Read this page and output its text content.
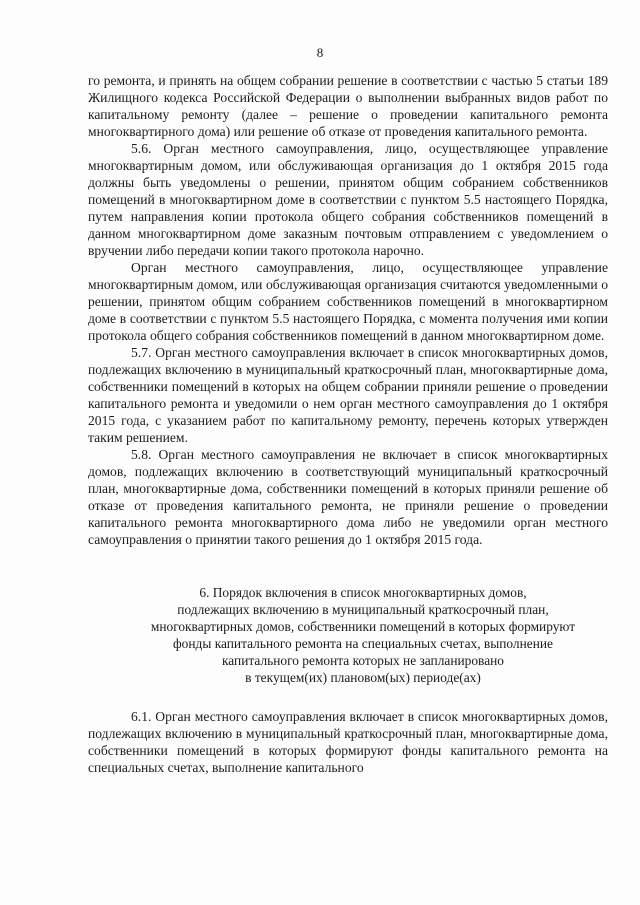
8

го ремонта, и принять на общем собрании решение в соответствии с частью 5 статьи 189 Жилищного кодекса Российской Федерации о выполнении выбранных видов работ по капитальному ремонту (далее – решение о проведении капитального ремонта многоквартирного дома) или решение об отказе от проведения капитального ремонта.

5.6. Орган местного самоуправления, лицо, осуществляющее управление многоквартирным домом, или обслуживающая организация до 1 октября 2015 года должны быть уведомлены о решении, принятом общим собранием собственников помещений в многоквартирном доме в соответствии с пунктом 5.5 настоящего Порядка, путем направления копии протокола общего собрания собственников помещений в данном многоквартирном доме заказным почтовым отправлением с уведомлением о вручении либо передачи копии такого протокола нарочно.

Орган местного самоуправления, лицо, осуществляющее управление многоквартирным домом, или обслуживающая организация считаются уведомленными о решении, принятом общим собранием собственников помещений в многоквартирном доме в соответствии с пунктом 5.5 настоящего Порядка, с момента получения ими копии протокола общего собрания собственников помещений в данном многоквартирном доме.

5.7. Орган местного самоуправления включает в список многоквартирных домов, подлежащих включению в муниципальный краткосрочный план, многоквартирные дома, собственники помещений в которых на общем собрании приняли решение о проведении капитального ремонта и уведомили о нем орган местного самоуправления до 1 октября 2015 года, с указанием работ по капитальному ремонту, перечень которых утвержден таким решением.

5.8. Орган местного самоуправления не включает в список многоквартирных домов, подлежащих включению в соответствующий муниципальный краткосрочный план, многоквартирные дома, собственники помещений в которых приняли решение об отказе от проведения капитального ремонта, не приняли решение о проведении капитального ремонта многоквартирного дома либо не уведомили орган местного самоуправления о принятии такого решения до 1 октября 2015 года.

6. Порядок включения в список многоквартирных домов,
подлежащих включению в муниципальный краткосрочный план,
многоквартирных домов, собственники помещений в которых формируют
фонды капитального ремонта на специальных счетах, выполнение
капитального ремонта которых не запланировано
в текущем(их) плановом(ых) периоде(ах)

6.1. Орган местного самоуправления включает в список многоквартирных домов, подлежащих включению в муниципальный краткосрочный план, многоквартирные дома, собственники помещений в которых формируют фонды капитального ремонта на специальных счетах, выполнение капитального
